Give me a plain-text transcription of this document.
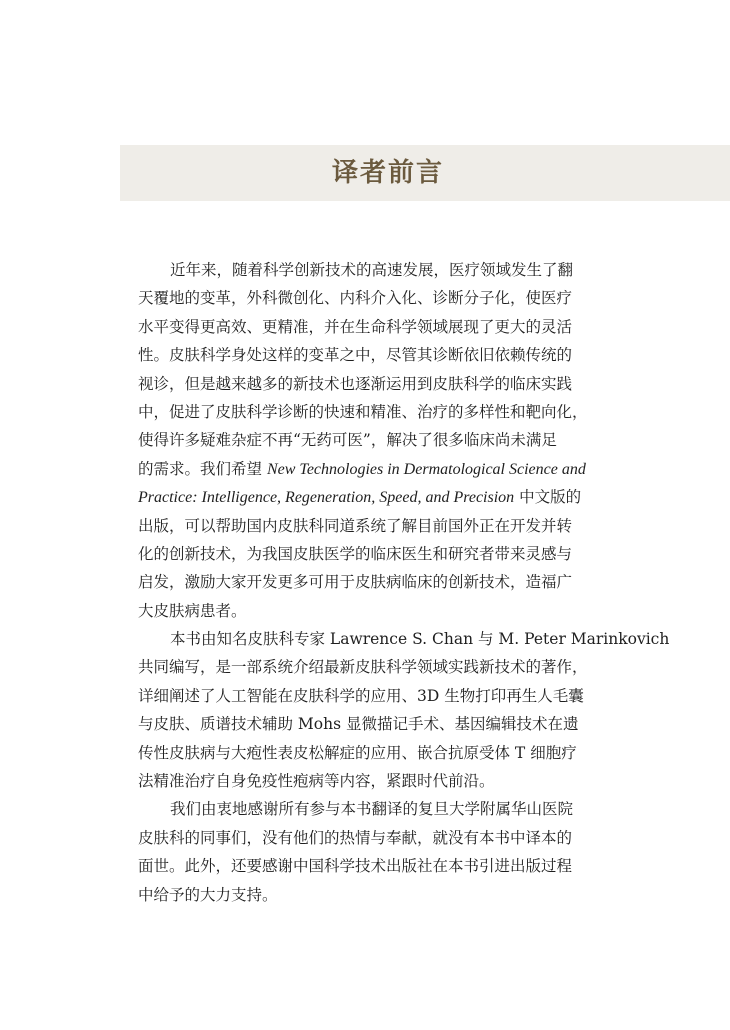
译者前言
近年来，随着科学创新技术的高速发展，医疗领域发生了翻
天覆地的变革，外科微创化、内科介入化、诊断分子化，使医疗
水平变得更高效、更精准，并在生命科学领域展现了更大的灵活
性。皮肤科学身处这样的变革之中，尽管其诊断依旧依赖传统的
视诊，但是越来越多的新技术也逐渐运用到皮肤科学的临床实践
中，促进了皮肤科学诊断的快速和精准、治疗的多样性和靶向化，
使得许多疑难杂症不再“无药可医”，解决了很多临床尚未满足
的需求。我们希望 New Technologies in Dermatological Science and
Practice: Intelligence, Regeneration, Speed, and Precision 中文版的
出版，可以帮助国内皮肤科同道系统了解目前国外正在开发并转
化的创新技术，为我国皮肤医学的临床医生和研究者带来灵感与
启发，激励大家开发更多可用于皮肤病临床的创新技术，造福广
大皮肤病患者。
本书由知名皮肤科专家 Lawrence S. Chan 与 M. Peter Marinkovich
共同编写，是一部系统介绍最新皮肤科学领域实践新技术的著作，
详细阐述了人工智能在皮肤科学的应用、3D 生物打印再生人毛囊
与皮肤、质谱技术辅助 Mohs 显微描记手术、基因编辑技术在遗
传性皮肤病与大疱性表皮松解症的应用、嵌合抗原受体 T 细胞疗
法精准治疗自身免疫性疱病等内容，紧跟时代前沿。
我们由衷地感谢所有参与本书翻译的复旦大学附属华山医院
皮肤科的同事们，没有他们的热情与奉献，就没有本书中译本的
面世。此外，还要感谢中国科学技术出版社在本书引进出版过程
中给予的大力支持。
